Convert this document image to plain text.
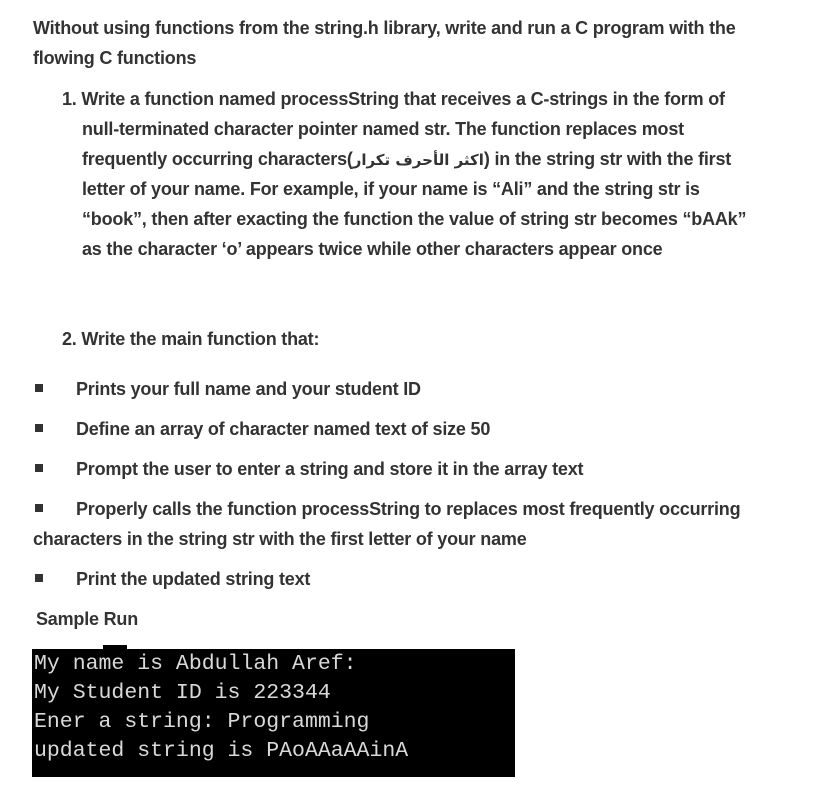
Without using functions from the string.h library, write and run a C program with the
flowing C functions
1. Write a function named processString that receives a C-strings in the form of
null-terminated character pointer named str. The function replaces most
frequently occurring characters(اكثر الأحرف تكرار) in the string str with the first
letter of your name. For example, if your name is “Ali” and the string str is
“book”, then after exacting the function the value of string str becomes “bAAk”
as the character ‘o’ appears twice while other characters appear once
2. Write the main function that:
Prints your full name and your student ID
Define an array of character named text of size 50
Prompt the user to enter a string and store it in the array text
Properly calls the function processString to replaces most frequently occurring
characters in the string str with the first letter of your name
Print the updated string text
Sample Run
My name is Abdullah Aref:
My Student ID is 223344
Ener a string: Programming
updated string is PAoAAaAAinA
